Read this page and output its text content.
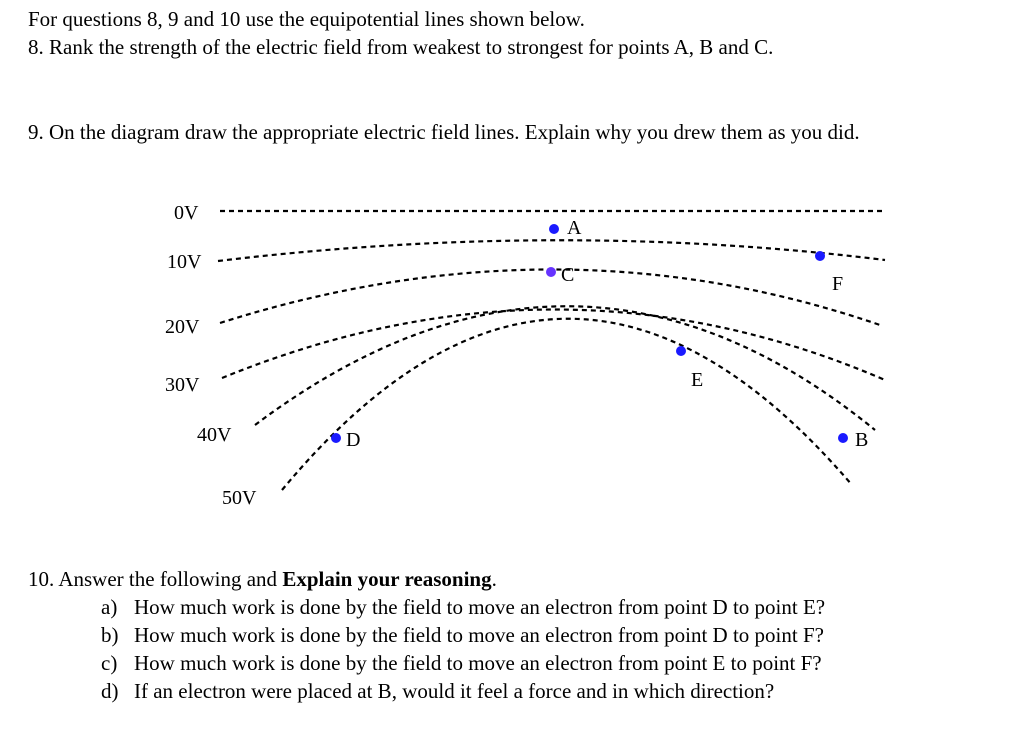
For questions 8, 9 and 10 use the equipotential lines shown below.
8. Rank the strength of the electric field from weakest to strongest for points A, B and C.
9. On the diagram draw the appropriate electric field lines. Explain why you drew them as you did.
0V
10V
20V
30V
40V
50V
A
B
C
D
E
F
10. Answer the following and Explain your reasoning.
a) How much work is done by the field to move an electron from point D to point E?
b) How much work is done by the field to move an electron from point D to point F?
c) How much work is done by the field to move an electron from point E to point F?
d) If an electron were placed at B, would it feel a force and in which direction?
